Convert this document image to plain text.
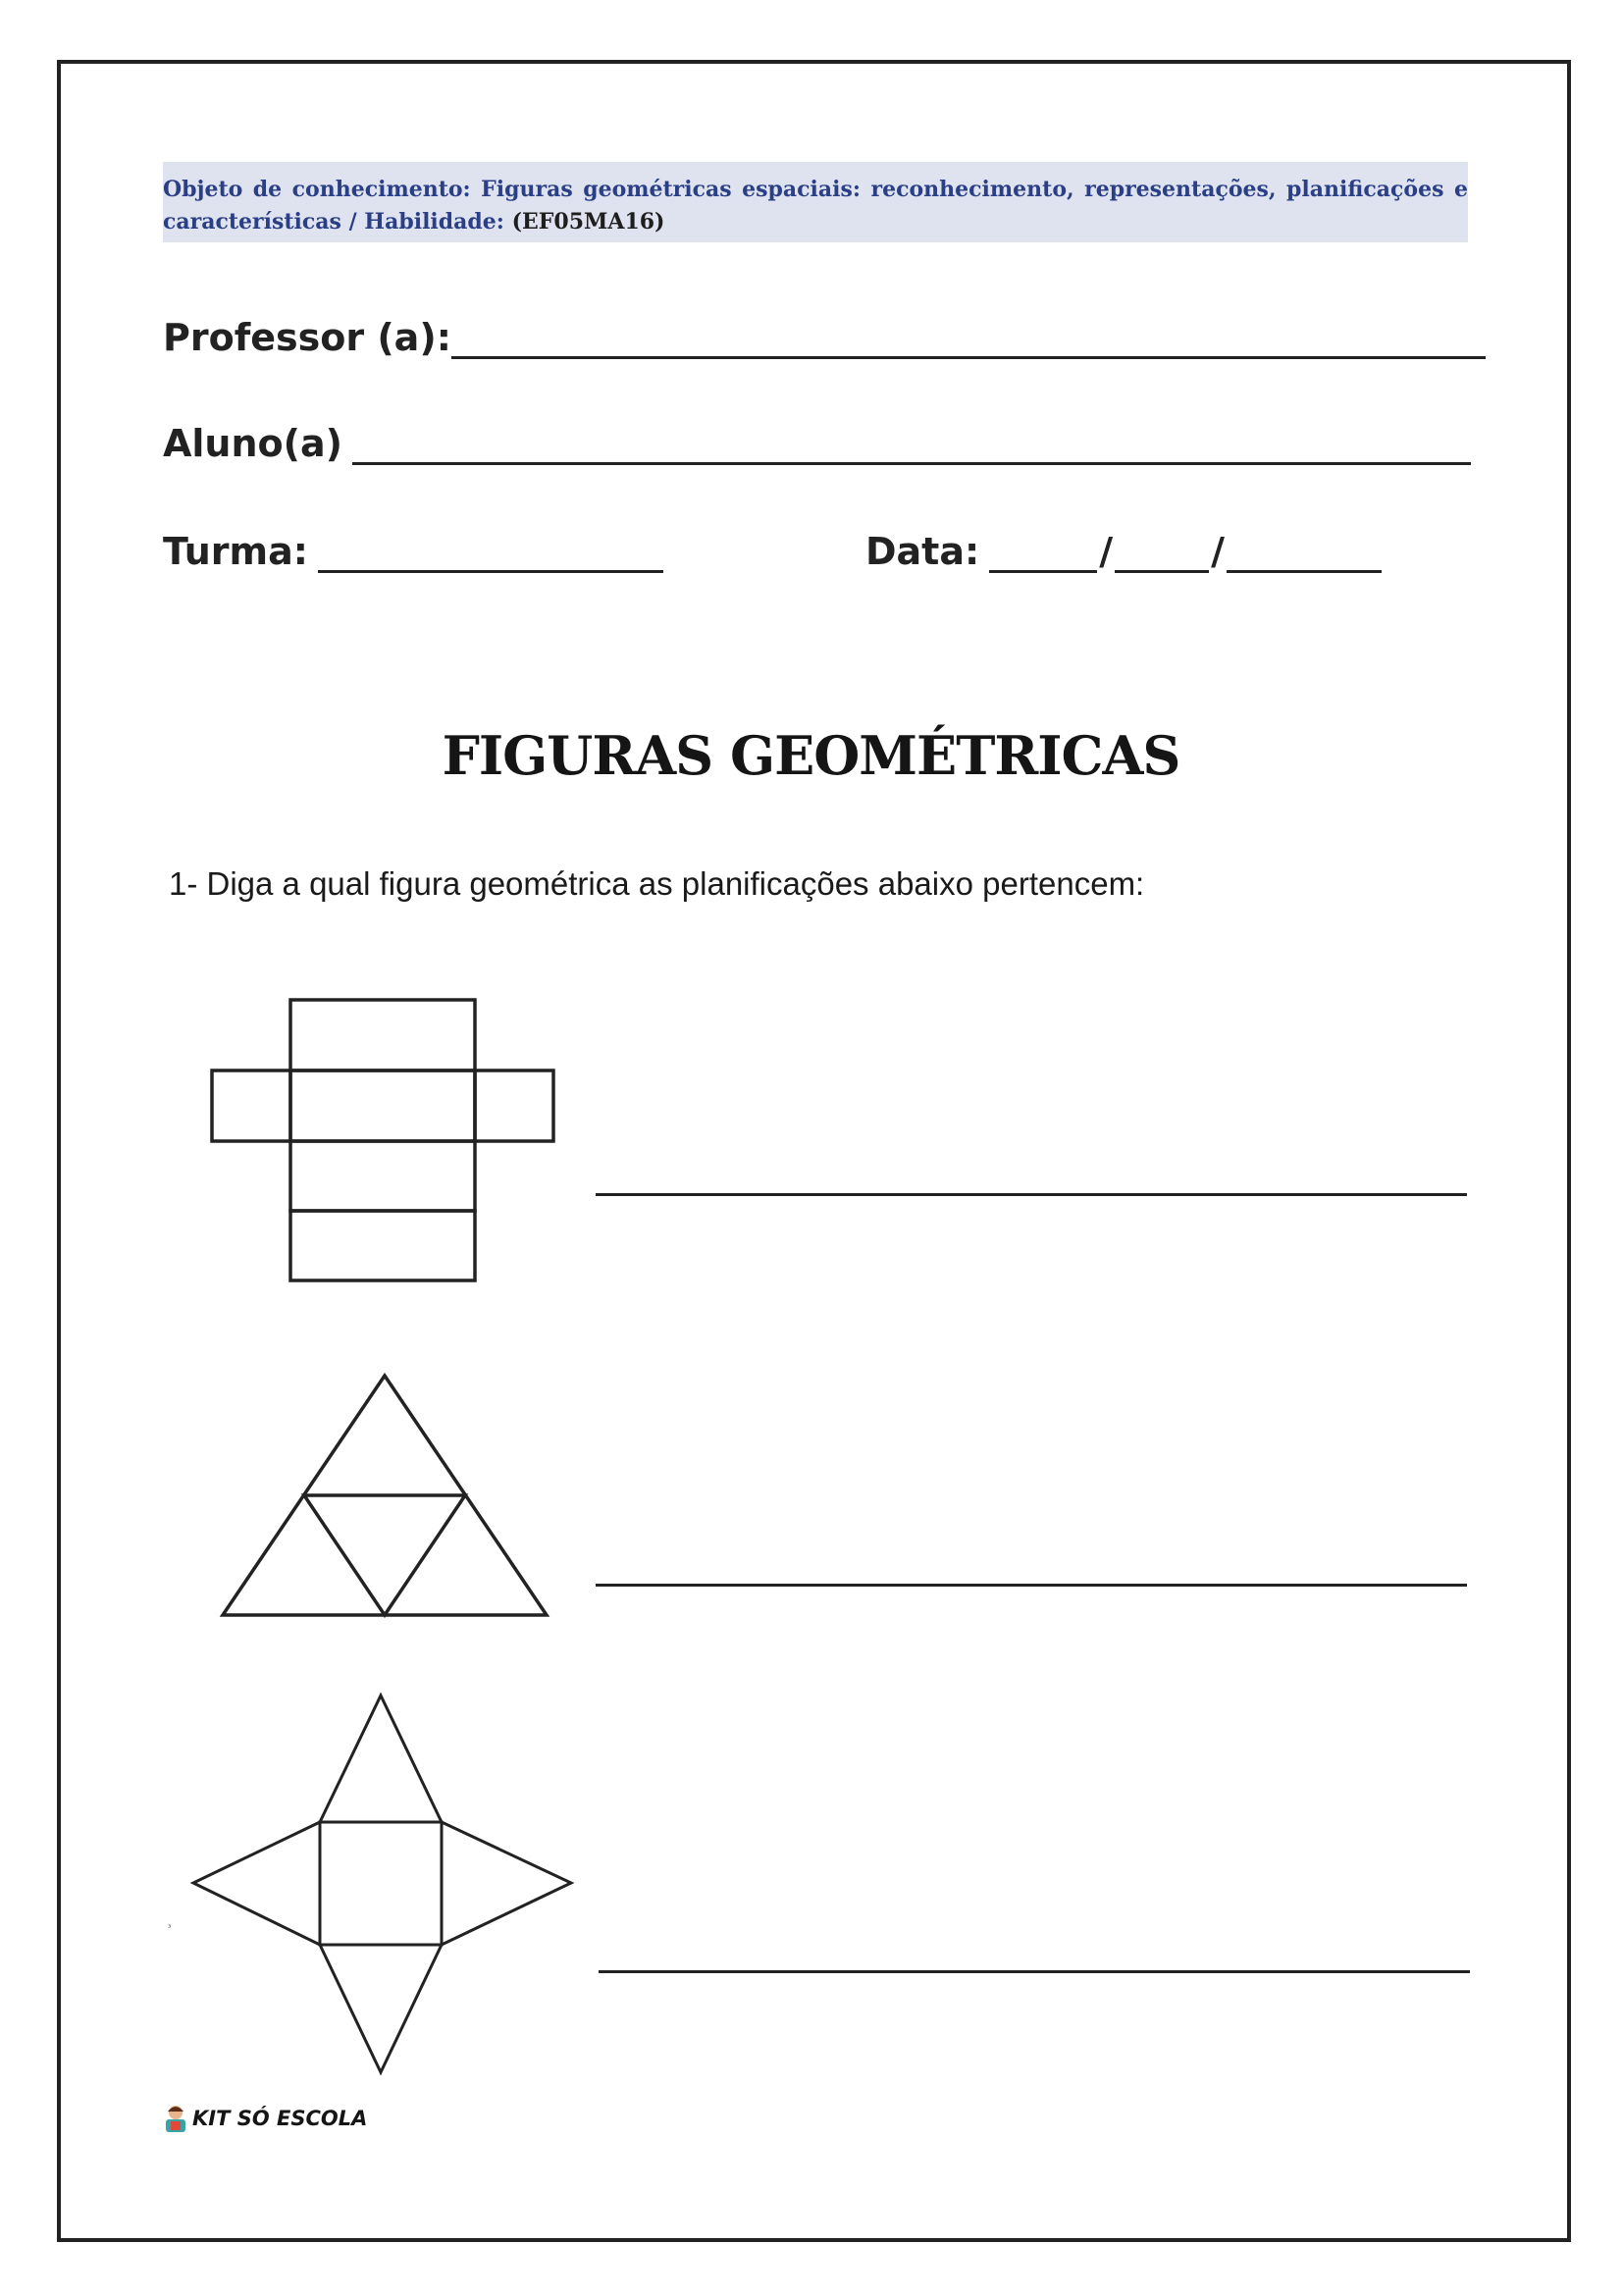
Objeto de conhecimento: Figuras geométricas espaciais: reconhecimento, representações, planificações e
características / Habilidade: (EF05MA16)
Professor (a):
Aluno(a)
Turma:	Data:	/	/
FIGURAS GEOMÉTRICAS
1- Diga a qual figura geométrica as planificações abaixo pertencem:
ᶟ
KIT SÓ ESCOLA
